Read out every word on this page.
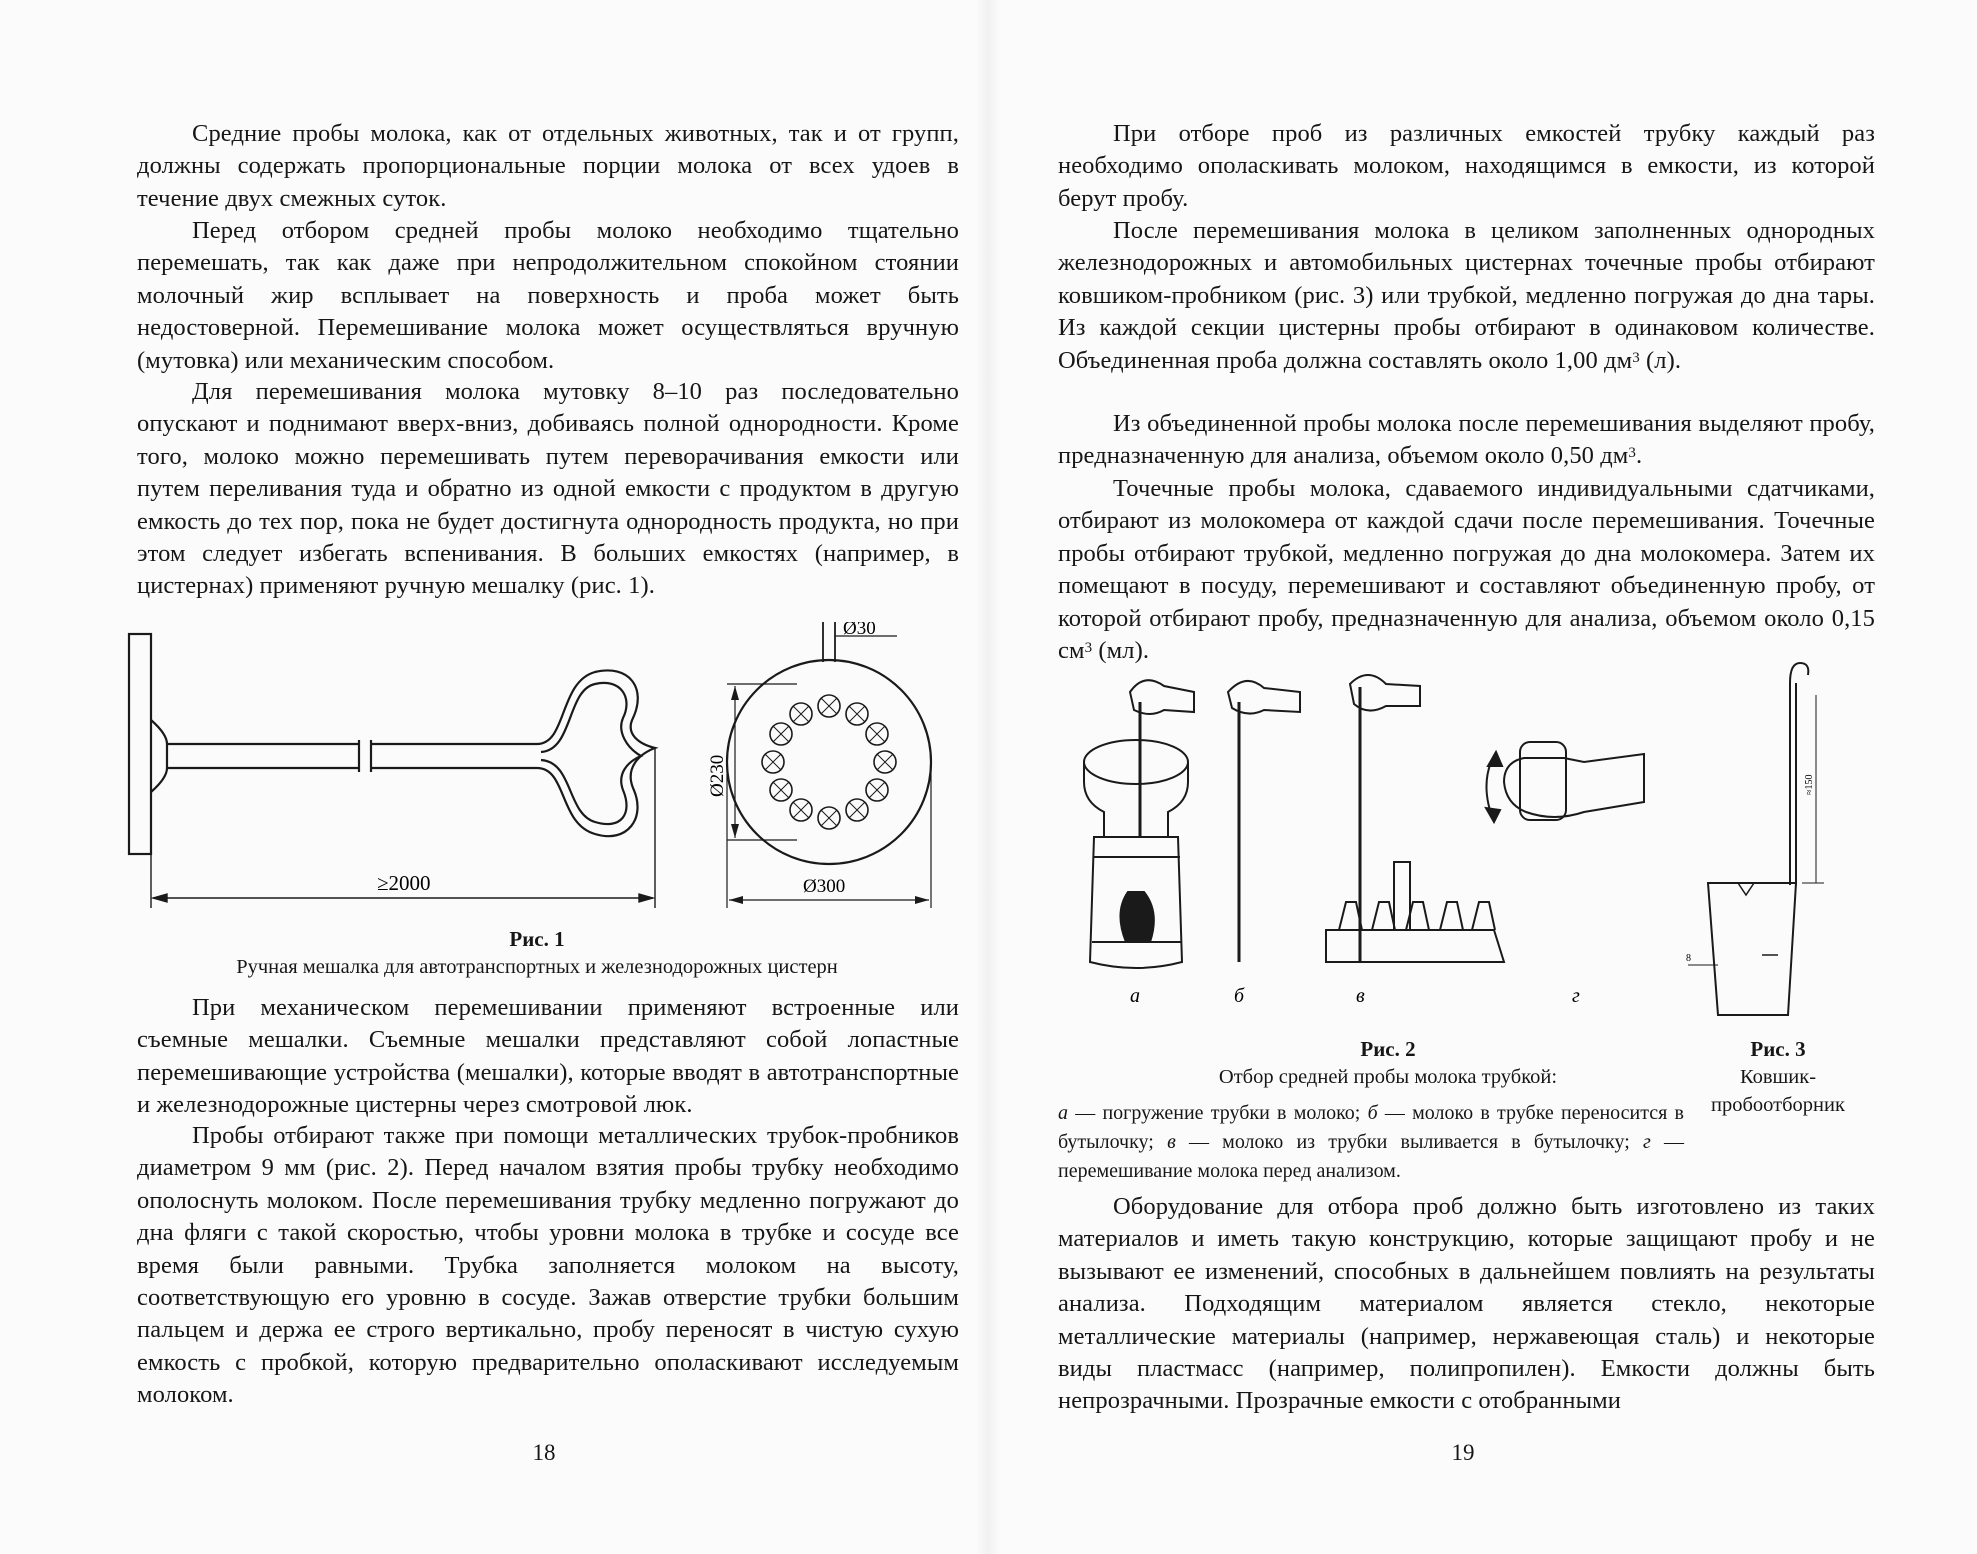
Средние пробы молока, как от отдельных животных, так и от групп, должны содержать пропорциональные порции молока от всех удоев в течение двух смежных суток.

Перед отбором средней пробы молоко необходимо тщательно перемешать, так как даже при непродолжительном спокойном стоянии молочный жир всплывает на поверхность и проба может быть недостоверной. Перемешивание молока может осуществляться вручную (мутовка) или механическим способом.

Для перемешивания молока мутовку 8–10 раз последовательно опускают и поднимают вверх-вниз, добиваясь полной однородности. Кроме того, молоко можно перемешивать путем переворачивания емкости или путем переливания туда и обратно из одной емкости с продуктом в другую емкость до тех пор, пока не будет достигнута однородность продукта, но при этом следует избегать вспенивания. В больших емкостях (например, в цистернах) применяют ручную мешалку (рис. 1).

≥2000
Ø30
Ø230
Ø300
Рис. 1
Ручная мешалка для автотранспортных и железнодорожных цистерн

При механическом перемешивании применяют встроенные или съемные мешалки. Съемные мешалки представляют собой лопастные перемешивающие устройства (мешалки), которые вводят в автотранспортные и железнодорожные цистерны через смотровой люк.

Пробы отбирают также при помощи металлических трубок-пробников диаметром 9 мм (рис. 2). Перед началом взятия пробы трубку необходимо ополоснуть молоком. После перемешивания трубку медленно погружают до дна фляги с такой скоростью, чтобы уровни молока в трубке и сосуде все время были равными. Трубка заполняется молоком на высоту, соответствующую его уровню в сосуде. Зажав отверстие трубки большим пальцем и держа ее строго вертикально, пробу переносят в чистую сухую емкость с пробкой, которую предварительно ополаскивают исследуемым молоком.

18

При отборе проб из различных емкостей трубку каждый раз необходимо ополаскивать молоком, находящимся в емкости, из которой берут пробу.

После перемешивания молока в целиком заполненных однородных железнодорожных и автомобильных цистернах точечные пробы отбирают ковшиком-пробником (рис. 3) или трубкой, медленно погружая до дна тары. Из каждой секции цистерны пробы отбирают в одинаковом количестве. Объединенная проба должна составлять около 1,00 $дм^3$ (л).

Из объединенной пробы молока после перемешивания выделяют пробу, предназначенную для анализа, объемом около 0,50 $дм^3$.

Точечные пробы молока, сдаваемого индивидуальными сдатчиками, отбирают из молокомера от каждой сдачи после перемешивания. Точечные пробы отбирают трубкой, медленно погружая до дна молокомера. Затем их помещают в посуду, перемешивают и составляют объединенную пробу, от которой отбирают пробу, предназначенную для анализа, объемом около 0,15 $см^3$ (мл).

а	б	в	г
≈150
8
Рис. 2
Отбор средней пробы молока трубкой:
Рис. 3
Ковшик-
пробоотборник
а — погружение трубки в молоко; б — молоко в трубке переносится в бутылочку; в — молоко из трубки выливается в бутылочку; г — перемешивание молока перед анализом.

Оборудование для отбора проб должно быть изготовлено из таких материалов и иметь такую конструкцию, которые защищают пробу и не вызывают ее изменений, способных в дальнейшем повлиять на результаты анализа. Подходящим материалом является стекло, некоторые металлические материалы (например, нержавеющая сталь) и некоторые виды пластмасс (например, полипропилен). Емкости должны быть непрозрачными. Прозрачные емкости с отобранными

19
